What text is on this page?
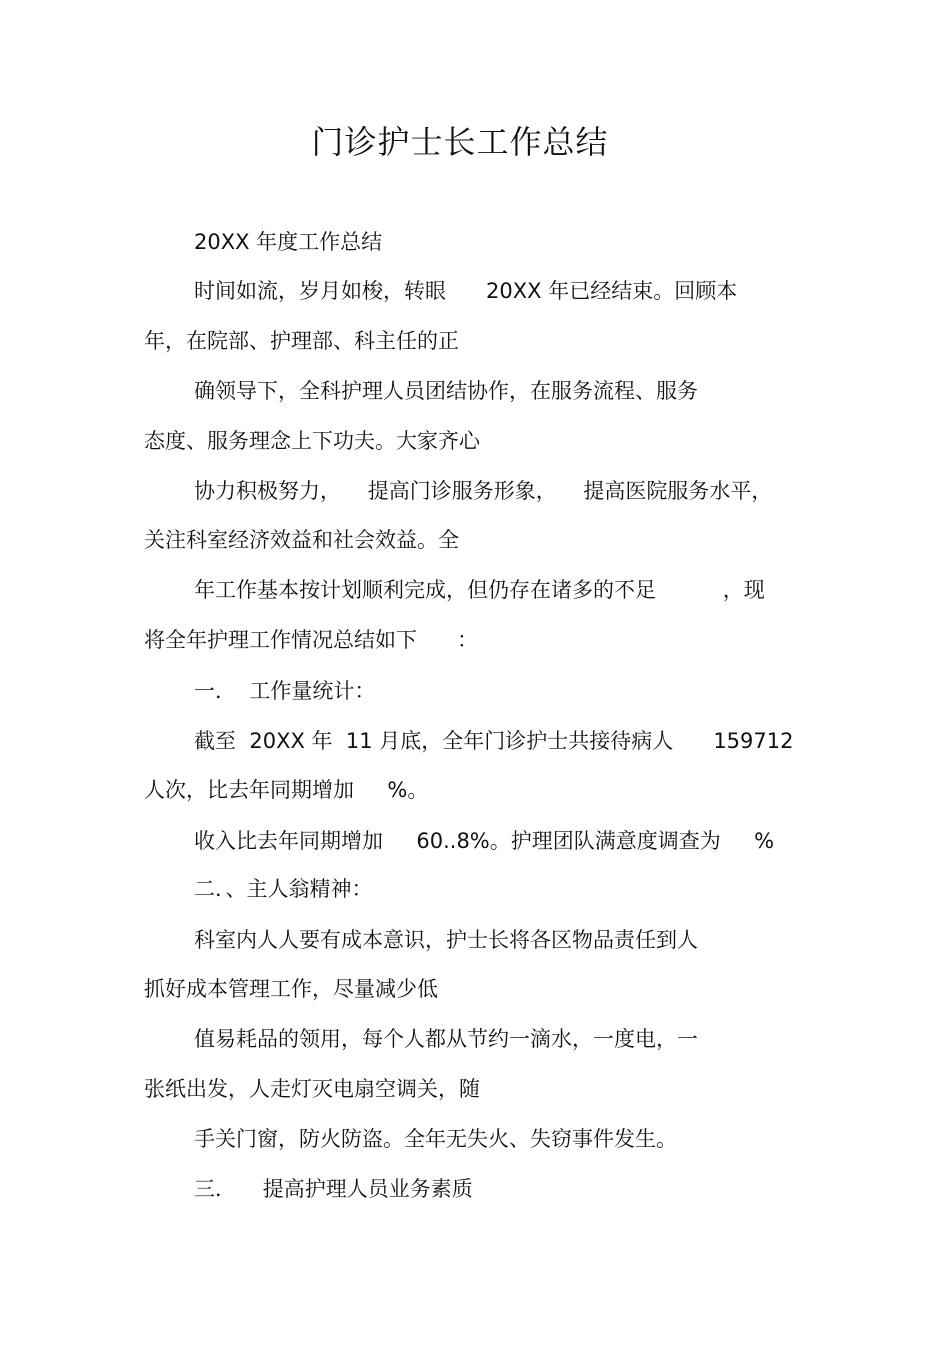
门诊护士长工作总结

20XX 年度工作总结

时间如流，岁月如梭，转眼      20XX 年已经结束。回顾本

年，在院部、护理部、科主任的正

确领导下，全科护理人员团结协作，在服务流程、服务

态度、服务理念上下功夫。大家齐心

协力积极努力，    提高门诊服务形象，    提高医院服务水平，

关注科室经济效益和社会效益。全

年工作基本按计划顺利完成，但仍存在诸多的不足          ，现

将全年护理工作情况总结如下      ：

一．  工作量统计：

截至  20XX 年  11 月底，全年门诊护士共接待病人      159712

人次，比去年同期增加     %。

收入比去年同期增加     60..8%。护理团队满意度调查为     %

二．、主人翁精神：

科室内人人要有成本意识，护士长将各区物品责任到人

抓好成本管理工作，尽量减少低

值易耗品的领用，每个人都从节约一滴水，一度电，一

张纸出发，人走灯灭电扇空调关，随

手关门窗，防火防盗。全年无失火、失窃事件发生。

三．    提高护理人员业务素质
